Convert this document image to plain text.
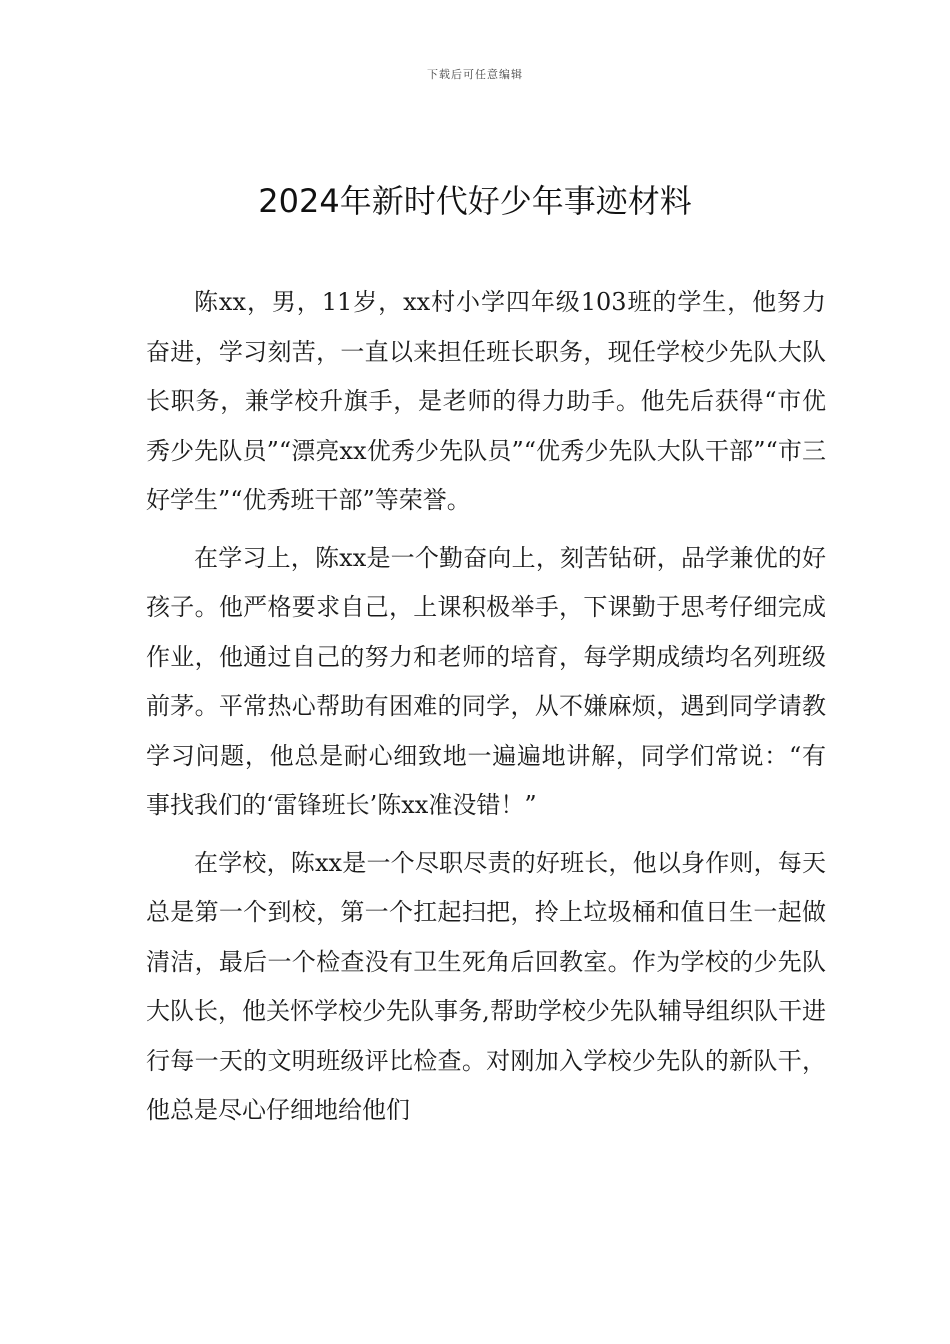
下载后可任意编辑
2024年新时代好少年事迹材料

陈xx，男，11岁，xx村小学四年级103班的学生，他努力奋进，学习刻苦，一直以来担任班长职务，现任学校少先队大队长职务，兼学校升旗手，是老师的得力助手。他先后获得“市优秀少先队员”“漂亮xx优秀少先队员”“优秀少先队大队干部”“市三好学生”“优秀班干部”等荣誉。

在学习上，陈xx是一个勤奋向上，刻苦钻研，品学兼优的好孩子。他严格要求自己，上课积极举手，下课勤于思考仔细完成作业，他通过自己的努力和老师的培育，每学期成绩均名列班级前茅。平常热心帮助有困难的同学，从不嫌麻烦，遇到同学请教学习问题，他总是耐心细致地一遍遍地讲解，同学们常说：“有事找我们的‘雷锋班长’陈xx准没错！”

在学校，陈xx是一个尽职尽责的好班长，他以身作则，每天总是第一个到校，第一个扛起扫把，拎上垃圾桶和值日生一起做清洁，最后一个检查没有卫生死角后回教室。作为学校的少先队大队长，他关怀学校少先队事务,帮助学校少先队辅导组织队干进行每一天的文明班级评比检查。对刚加入学校少先队的新队干，他总是尽心仔细地给他们
